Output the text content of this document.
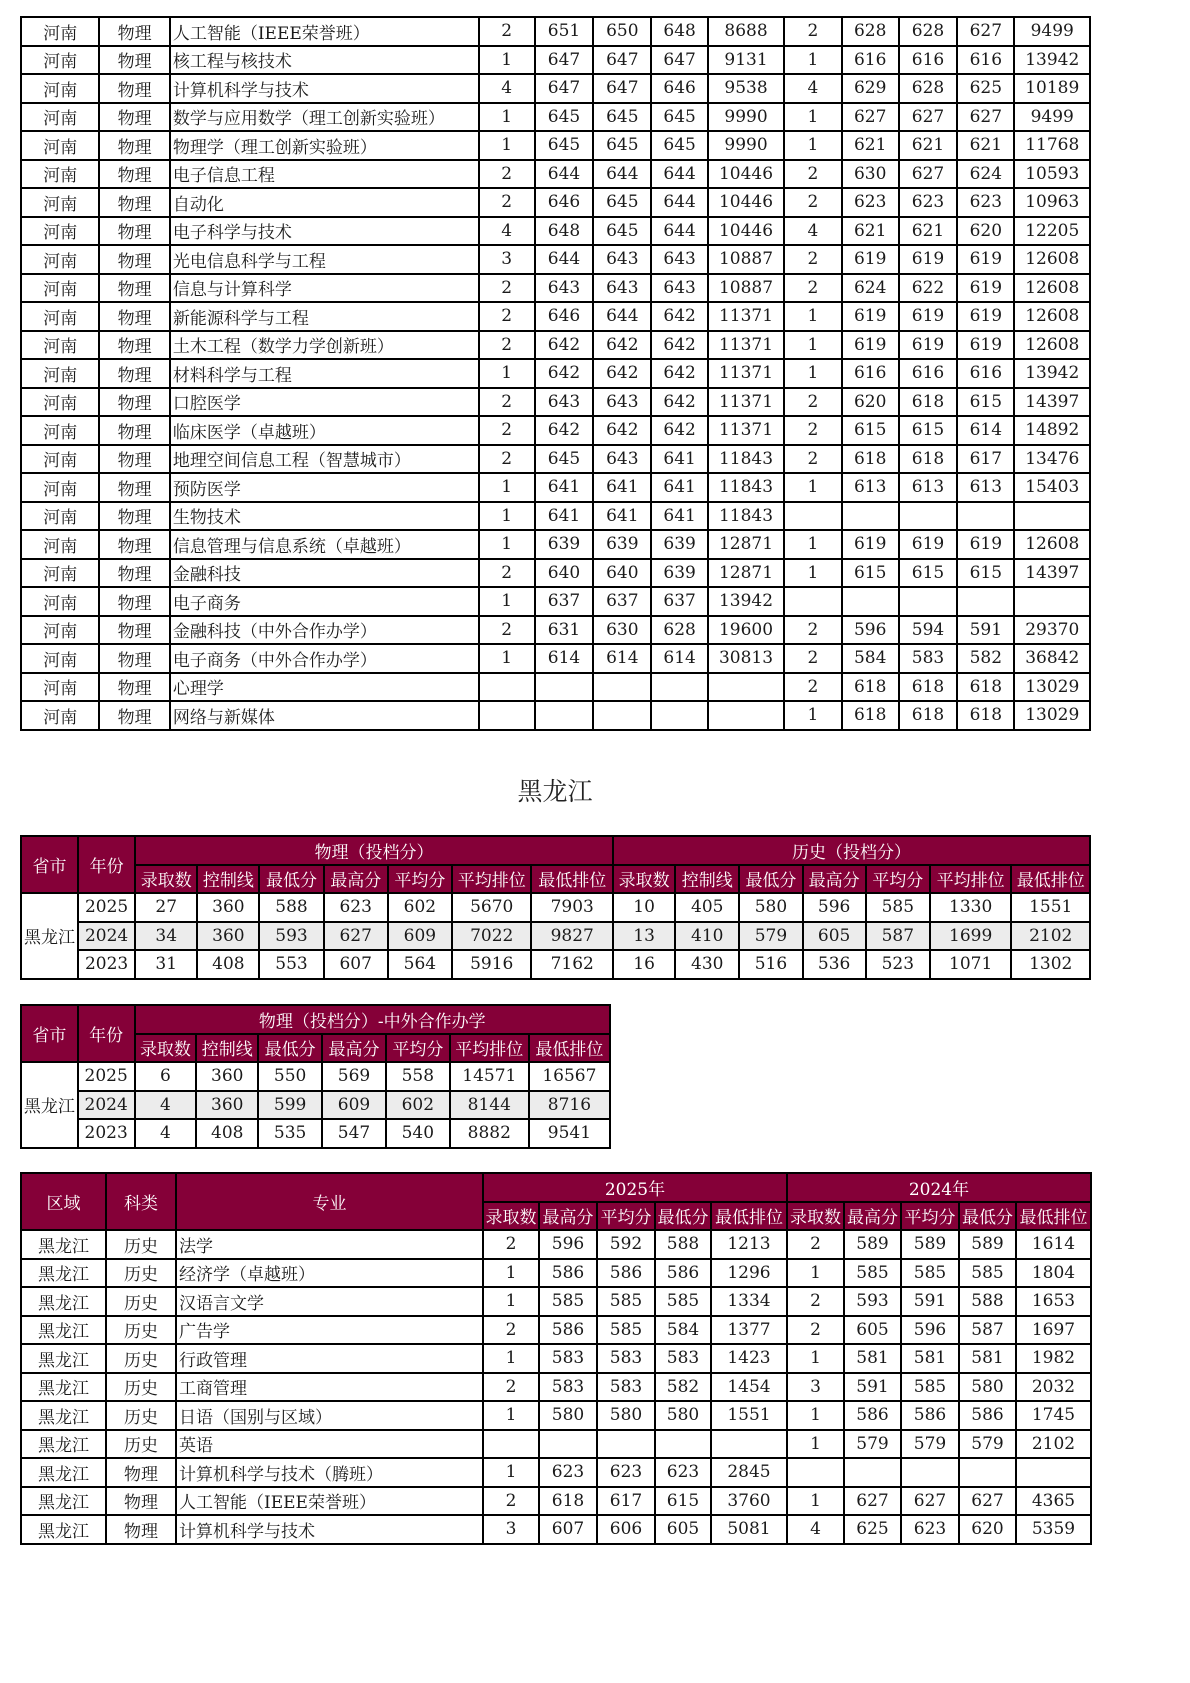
河南	物理	人工智能（IEEE荣誉班）	2	651	650	648	8688	2	628	628	627	9499
河南	物理	核工程与核技术	1	647	647	647	9131	1	616	616	616	13942
河南	物理	计算机科学与技术	4	647	647	646	9538	4	629	628	625	10189
河南	物理	数学与应用数学（理工创新实验班）	1	645	645	645	9990	1	627	627	627	9499
河南	物理	物理学（理工创新实验班）	1	645	645	645	9990	1	621	621	621	11768
河南	物理	电子信息工程	2	644	644	644	10446	2	630	627	624	10593
河南	物理	自动化	2	646	645	644	10446	2	623	623	623	10963
河南	物理	电子科学与技术	4	648	645	644	10446	4	621	621	620	12205
河南	物理	光电信息科学与工程	3	644	643	643	10887	2	619	619	619	12608
河南	物理	信息与计算科学	2	643	643	643	10887	2	624	622	619	12608
河南	物理	新能源科学与工程	2	646	644	642	11371	1	619	619	619	12608
河南	物理	土木工程（数学力学创新班）	2	642	642	642	11371	1	619	619	619	12608
河南	物理	材料科学与工程	1	642	642	642	11371	1	616	616	616	13942
河南	物理	口腔医学	2	643	643	642	11371	2	620	618	615	14397
河南	物理	临床医学（卓越班）	2	642	642	642	11371	2	615	615	614	14892
河南	物理	地理空间信息工程（智慧城市）	2	645	643	641	11843	2	618	618	617	13476
河南	物理	预防医学	1	641	641	641	11843	1	613	613	613	15403
河南	物理	生物技术	1	641	641	641	11843					
河南	物理	信息管理与信息系统（卓越班）	1	639	639	639	12871	1	619	619	619	12608
河南	物理	金融科技	2	640	640	639	12871	1	615	615	615	14397
河南	物理	电子商务	1	637	637	637	13942					
河南	物理	金融科技（中外合作办学）	2	631	630	628	19600	2	596	594	591	29370
河南	物理	电子商务（中外合作办学）	1	614	614	614	30813	2	584	583	582	36842
河南	物理	心理学						2	618	618	618	13029
河南	物理	网络与新媒体						1	618	618	618	13029
黑龙江
省市	年份	物理（投档分）							历史（投档分）						
		录取数	控制线	最低分	最高分	平均分	平均排位	最低排位	录取数	控制线	最低分	最高分	平均分	平均排位	最低排位
黑龙江	2025	27	360	588	623	602	5670	7903	10	405	580	596	585	1330	1551
	2024	34	360	593	627	609	7022	9827	13	410	579	605	587	1699	2102
	2023	31	408	553	607	564	5916	7162	16	430	516	536	523	1071	1302
省市	年份	物理（投档分）-中外合作办学						
		录取数	控制线	最低分	最高分	平均分	平均排位	最低排位
黑龙江	2025	6	360	550	569	558	14571	16567
	2024	4	360	599	609	602	8144	8716
	2023	4	408	535	547	540	8882	9541
区域	科类	专业	2025年					2024年				
			录取数	最高分	平均分	最低分	最低排位	录取数	最高分	平均分	最低分	最低排位
黑龙江	历史	法学	2	596	592	588	1213	2	589	589	589	1614
黑龙江	历史	经济学（卓越班）	1	586	586	586	1296	1	585	585	585	1804
黑龙江	历史	汉语言文学	1	585	585	585	1334	2	593	591	588	1653
黑龙江	历史	广告学	2	586	585	584	1377	2	605	596	587	1697
黑龙江	历史	行政管理	1	583	583	583	1423	1	581	581	581	1982
黑龙江	历史	工商管理	2	583	583	582	1454	3	591	585	580	2032
黑龙江	历史	日语（国别与区域）	1	580	580	580	1551	1	586	586	586	1745
黑龙江	历史	英语						1	579	579	579	2102
黑龙江	物理	计算机科学与技术（腾班）	1	623	623	623	2845					
黑龙江	物理	人工智能（IEEE荣誉班）	2	618	617	615	3760	1	627	627	627	4365
黑龙江	物理	计算机科学与技术	3	607	606	605	5081	4	625	623	620	5359
